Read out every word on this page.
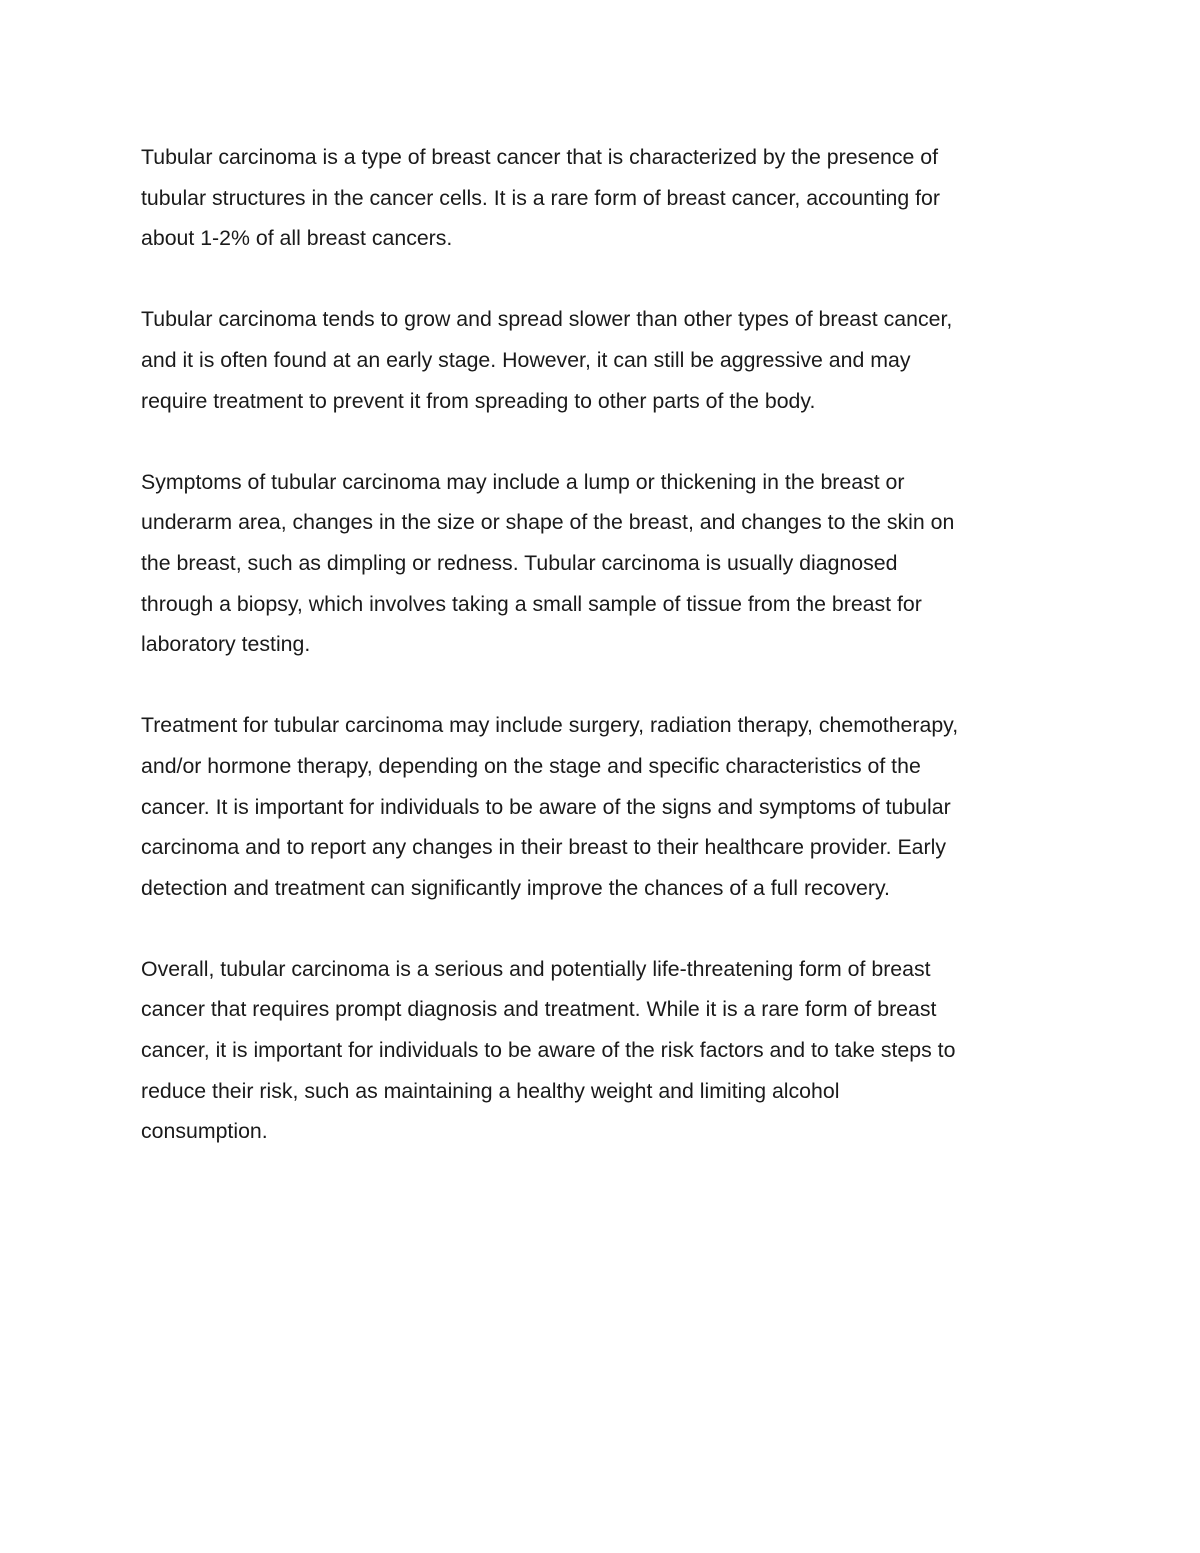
Tubular carcinoma is a type of breast cancer that is characterized by the presence of
tubular structures in the cancer cells. It is a rare form of breast cancer, accounting for
about 1-2% of all breast cancers.

Tubular carcinoma tends to grow and spread slower than other types of breast cancer,
and it is often found at an early stage. However, it can still be aggressive and may
require treatment to prevent it from spreading to other parts of the body.

Symptoms of tubular carcinoma may include a lump or thickening in the breast or
underarm area, changes in the size or shape of the breast, and changes to the skin on
the breast, such as dimpling or redness. Tubular carcinoma is usually diagnosed
through a biopsy, which involves taking a small sample of tissue from the breast for
laboratory testing.

Treatment for tubular carcinoma may include surgery, radiation therapy, chemotherapy,
and/or hormone therapy, depending on the stage and specific characteristics of the
cancer. It is important for individuals to be aware of the signs and symptoms of tubular
carcinoma and to report any changes in their breast to their healthcare provider. Early
detection and treatment can significantly improve the chances of a full recovery.

Overall, tubular carcinoma is a serious and potentially life-threatening form of breast
cancer that requires prompt diagnosis and treatment. While it is a rare form of breast
cancer, it is important for individuals to be aware of the risk factors and to take steps to
reduce their risk, such as maintaining a healthy weight and limiting alcohol
consumption.
